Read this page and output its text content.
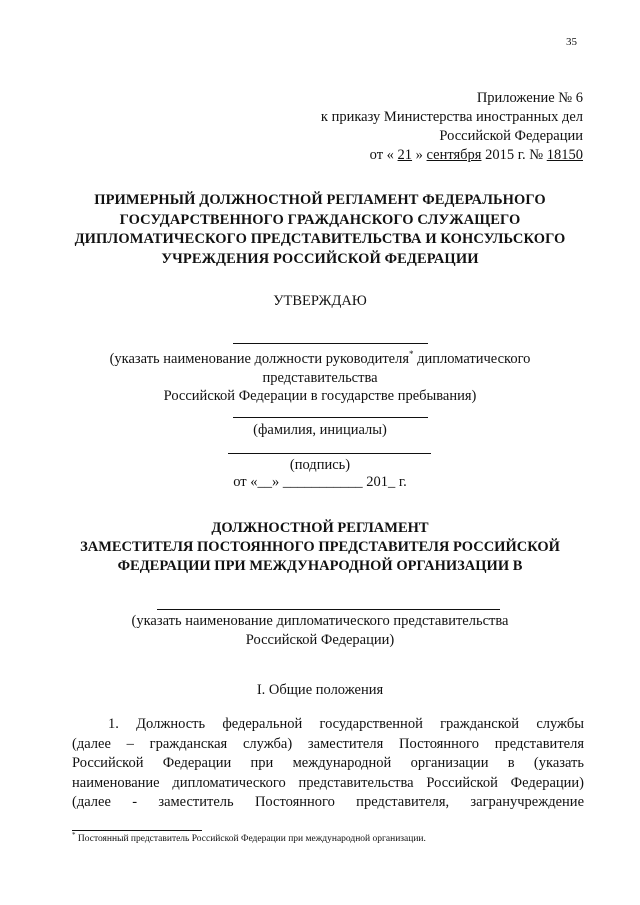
35
Приложение № 6
к приказу Министерства иностранных дел
Российской Федерации
от « 21 » сентября 2015 г. № 18150
ПРИМЕРНЫЙ ДОЛЖНОСТНОЙ РЕГЛАМЕНТ ФЕДЕРАЛЬНОГО
ГОСУДАРСТВЕННОГО ГРАЖДАНСКОГО СЛУЖАЩЕГО
ДИПЛОМАТИЧЕСКОГО ПРЕДСТАВИТЕЛЬСТВА И КОНСУЛЬСКОГО
УЧРЕЖДЕНИЯ РОССИЙСКОЙ ФЕДЕРАЦИИ
УТВЕРЖДАЮ
(указать наименование должности руководителя* дипломатического
представительства
Российской Федерации в государстве пребывания)
(фамилия, инициалы)
(подпись)
от «__» ___________ 201_ г.
ДОЛЖНОСТНОЙ РЕГЛАМЕНТ
ЗАМЕСТИТЕЛЯ ПОСТОЯННОГО ПРЕДСТАВИТЕЛЯ РОССИЙСКОЙ
ФЕДЕРАЦИИ ПРИ МЕЖДУНАРОДНОЙ ОРГАНИЗАЦИИ В
(указать наименование дипломатического представительства
Российской Федерации)
I. Общие положения
1. Должность федеральной государственной гражданской службы
(далее – гражданская служба) заместителя Постоянного представителя
Российской Федерации при международной организации в (указать
наименование дипломатического представительства Российской Федерации)
(далее - заместитель Постоянного представителя, загранучреждение
* Постоянный представитель Российской Федерации при международной организации.
